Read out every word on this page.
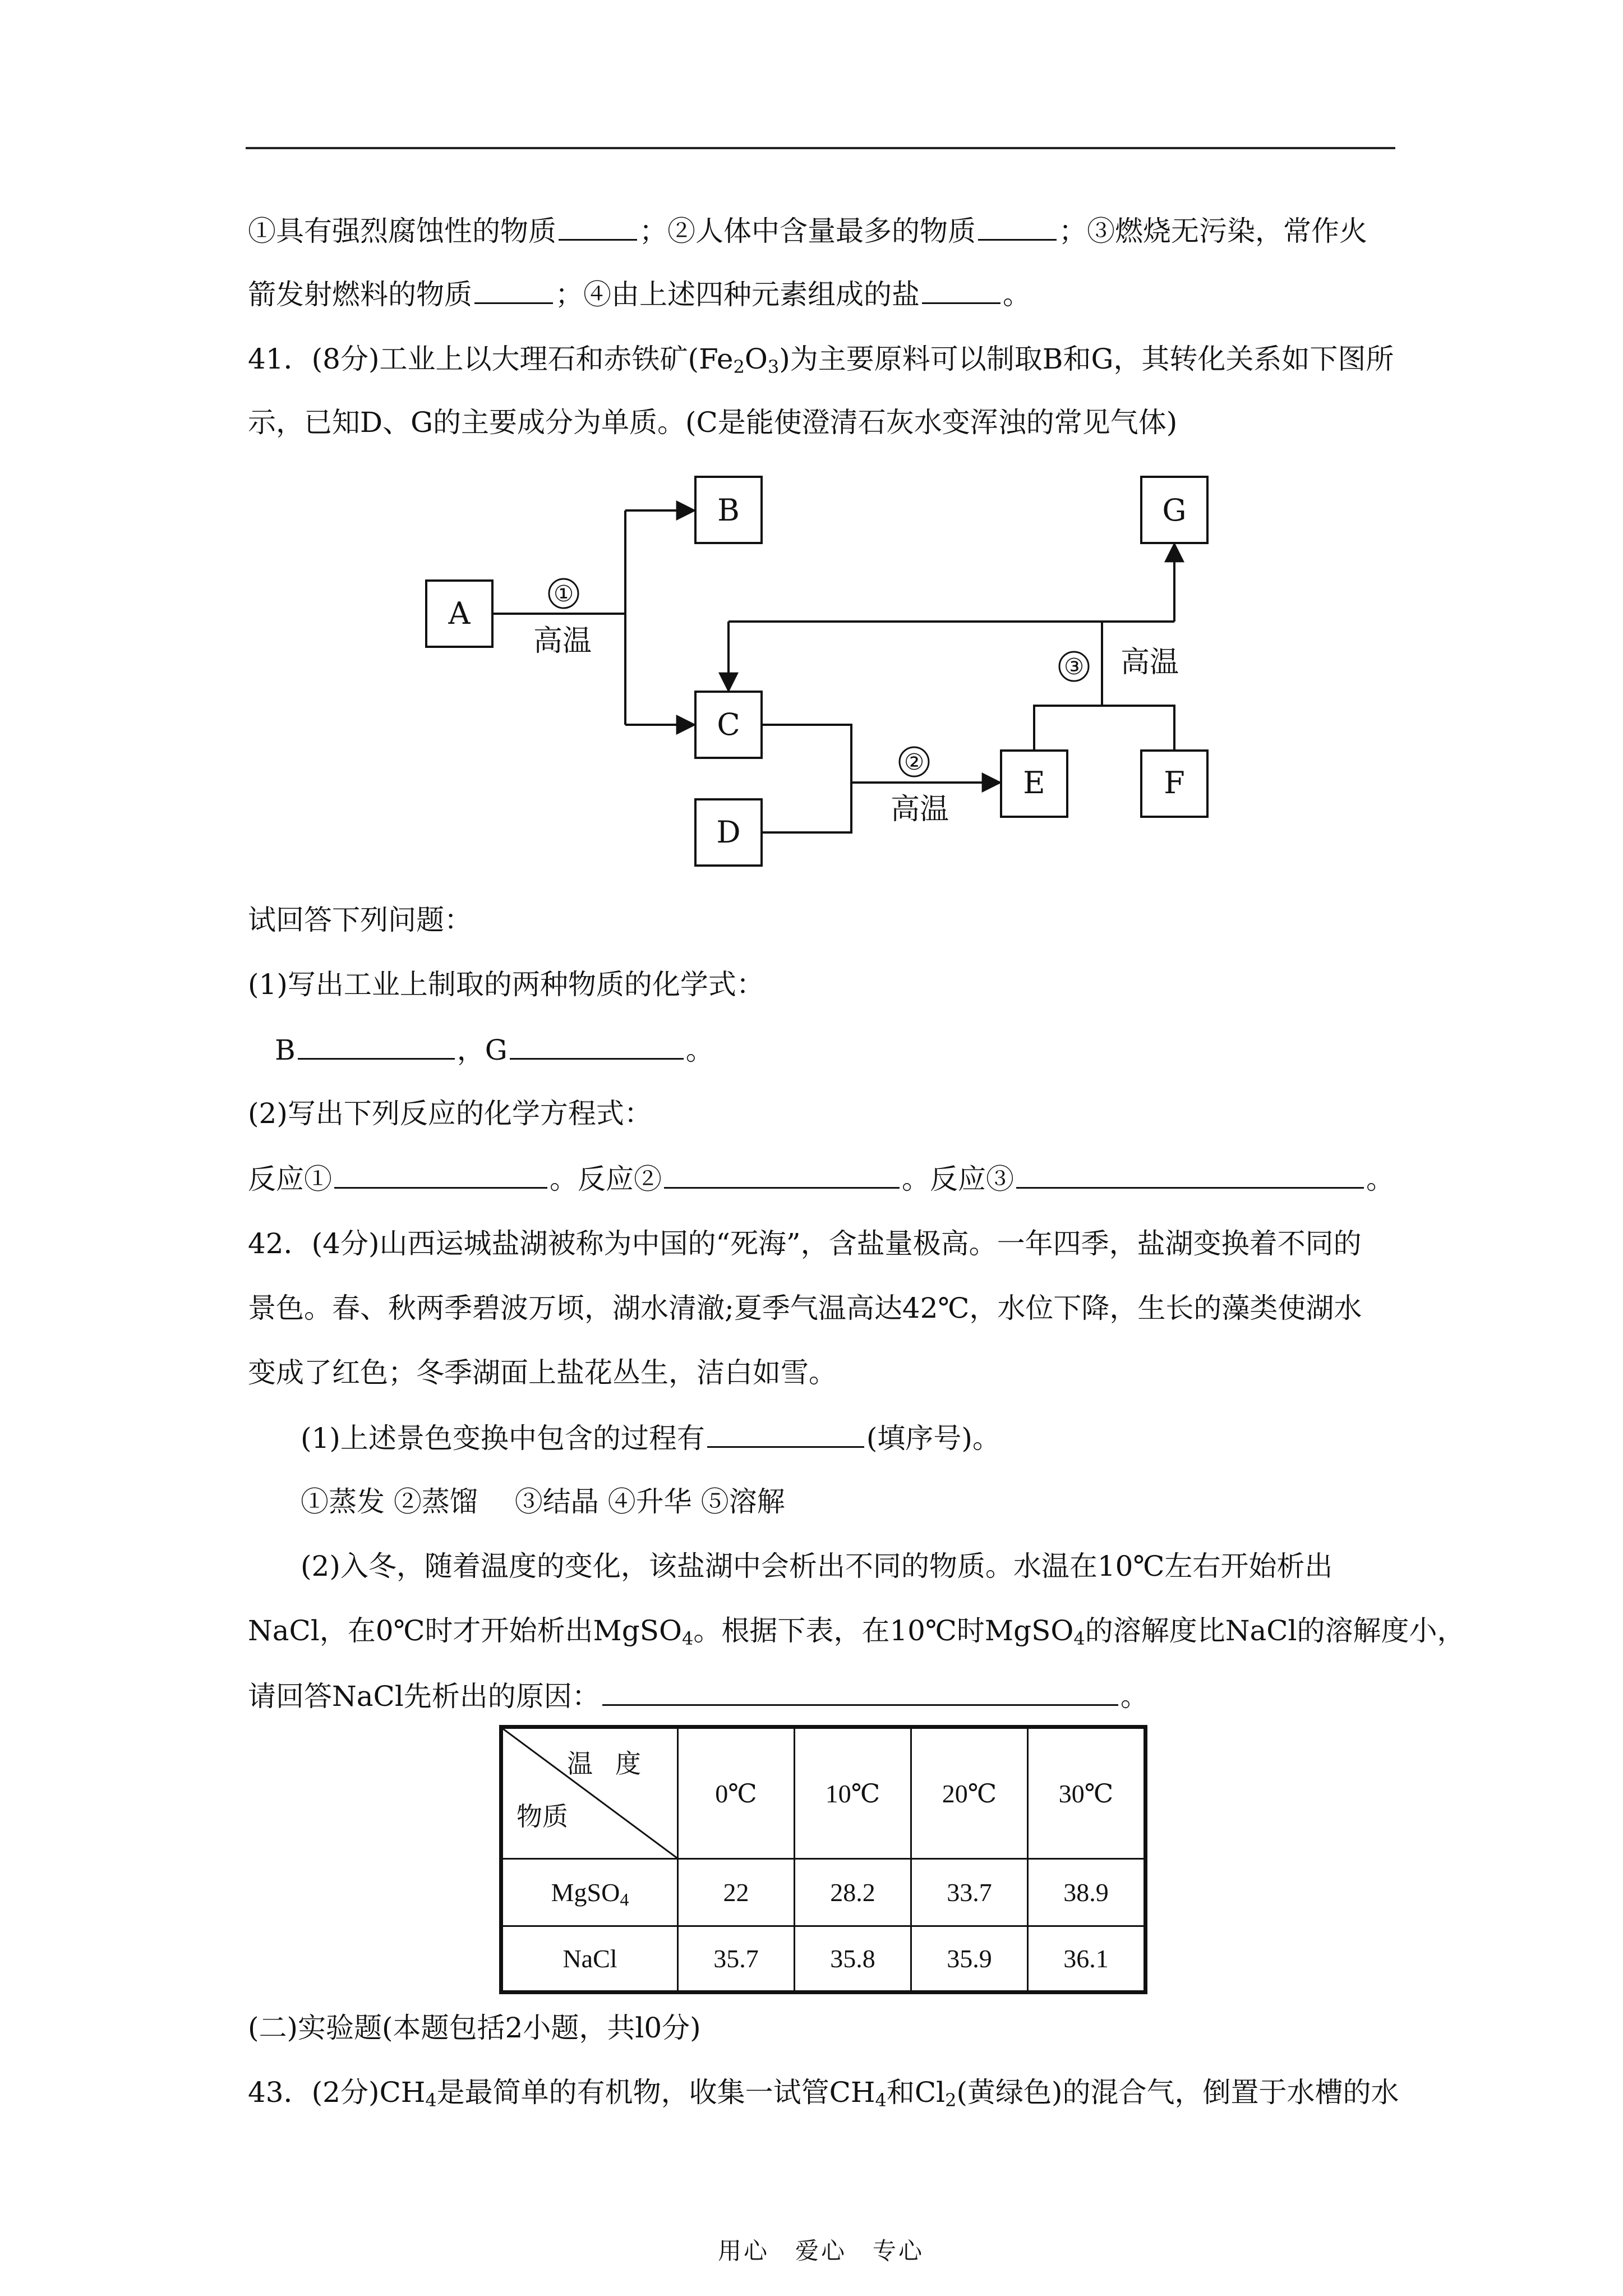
①具有强烈腐蚀性的物质	；②人体中含量最多的物质	；③燃烧无污染，常作火
箭发射燃料的物质	；④由上述四种元素组成的盐	。
41．(8分)工业上以大理石和赤铁矿$(Fe_2O_3)$为主要原料可以制取B和G，其转化关系如下图所
示，已知D、G的主要成分为单质。(C是能使澄清石灰水变浑浊的常见气体)
A
B	G
C
E	F
D
①
②
③
高温
高温
高温
试回答下列问题：
(1)写出工业上制取的两种物质的化学式：
B	，G	。
(2)写出下列反应的化学方程式：
反应①	。反应②	。反应③	。
42．(4分)山西运城盐湖被称为中国的“死海”，含盐量极高。一年四季，盐湖变换着不同的
景色。春、秋两季碧波万顷，湖水清澈;夏季气温高达42℃，水位下降，生长的藻类使湖水
变成了红色；冬季湖面上盐花丛生，洁白如雪。
(1)上述景色变换中包含的过程有	(填序号)。
①蒸发 ②蒸馏　 ③结晶 ④升华 ⑤溶解
(2)入冬，随着温度的变化，该盐湖中会析出不同的物质。水温在10℃左右开始析出
NaCl，在0℃时才开始析出MgSO$_4$。根据下表，在10℃时MgSO$_4$的溶解度比NaCl的溶解度小，
请回答NaCl先析出的原因：	。
温度
物质	0℃	10℃	20℃	30℃
MgSO$_4$	22	28.2	33.7	38.9
NaCl	35.7	35.8	35.9	36.1
(二)实验题(本题包括2小题，共l0分)
43．(2分)$CH_4$是最简单的有机物，收集一试管$CH_4$和$Cl_2$(黄绿色)的混合气，倒置于水槽的水
用心　爱心　专心
